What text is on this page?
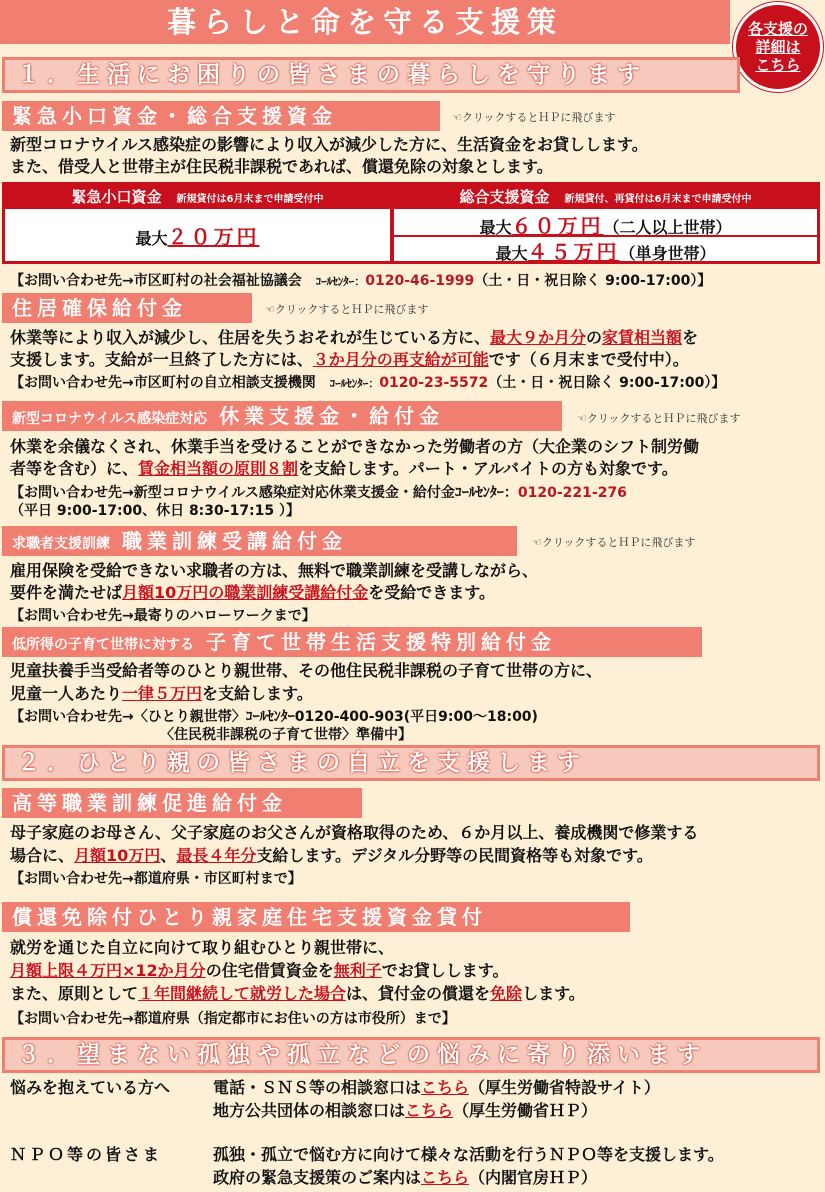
暮らしと命を守る支援策	各支援の
詳細は
こちら
１．生活にお困りの皆さまの暮らしを守ります
緊急小口資金・総合支援資金	☜クリックするとＨＰに飛びます
新型コロナウイルス感染症の影響により収入が減少した方に、生活資金をお貸しします。
また、借受人と世帯主が住民税非課税であれば、償還免除の対象とします。
緊急小口資金　 新規貸付は6月末まで申請受付中	総合支援資金　 新規貸付、再貸付は6月末まで申請受付中
最大２０万円	最大６０万円（二人以上世帯）
最大４５万円（単身世帯）
【お問い合わせ先→市区町村の社会福祉協議会　ｺｰﾙｾﾝﾀｰ：0120-46-1999（土・日・祝日除く 9:00-17:00）】
住居確保給付金	☜クリックするとＨＰに飛びます
休業等により収入が減少し、住居を失うおそれが生じている方に、最大９か月分の家賃相当額を
支援します。支給が一旦終了した方には、３か月分の再支給が可能です（６月末まで受付中）。
【お問い合わせ先→市区町村の自立相談支援機関　ｺｰﾙｾﾝﾀｰ：0120-23-5572（土・日・祝日除く 9:00-17:00）】
新型コロナウイルス感染症対応 休業支援金・給付金	☜クリックするとＨＰに飛びます
休業を余儀なくされ、休業手当を受けることができなかった労働者の方（大企業のシフト制労働
者等を含む）に、賃金相当額の原則８割を支給します。パート・アルバイトの方も対象です。
【お問い合わせ先→新型コロナウイルス感染症対応休業支援金・給付金ｺｰﾙｾﾝﾀｰ：0120-221-276
（平日 9:00-17:00、休日 8:30-17:15 ）】
求職者支援訓練 職業訓練受講給付金	☜クリックするとＨＰに飛びます
雇用保険を受給できない求職者の方は、無料で職業訓練を受講しながら、
要件を満たせば月額10万円の職業訓練受講給付金を受給できます。
【お問い合わせ先→最寄りのハローワークまで】
低所得の子育て世帯に対する 子育て世帯生活支援特別給付金
児童扶養手当受給者等のひとり親世帯、その他住民税非課税の子育て世帯の方に、
児童一人あたり一律５万円を支給します。
【お問い合わせ先→〈ひとり親世帯〉ｺｰﾙｾﾝﾀｰ0120-400-903(平日9:00～18:00)
〈住民税非課税の子育て世帯〉準備中】
２．ひとり親の皆さまの自立を支援します
高等職業訓練促進給付金
母子家庭のお母さん、父子家庭のお父さんが資格取得のため、６か月以上、養成機関で修業する
場合に、月額10万円、最長４年分支給します。デジタル分野等の民間資格等も対象です。
【お問い合わせ先→都道府県・市区町村まで】
償還免除付ひとり親家庭住宅支援資金貸付
就労を通じた自立に向けて取り組むひとり親世帯に、
月額上限４万円×12か月分の住宅借賃資金を無利子でお貸しします。
また、原則として１年間継続して就労した場合は、貸付金の償還を免除します。
【お問い合わせ先→都道府県（指定都市にお住いの方は市役所）まで】
３．望まない孤独や孤立などの悩みに寄り添います
悩みを抱えている方へ	電話・ＳＮＳ等の相談窓口はこちら（厚生労働省特設サイト）
地方公共団体の相談窓口はこちら（厚生労働省ＨＰ）
ＮＰＯ等の皆さま	孤独・孤立で悩む方に向けて様々な活動を行うＮＰＯ等を支援します。
政府の緊急支援策のご案内はこちら（内閣官房ＨＰ）
